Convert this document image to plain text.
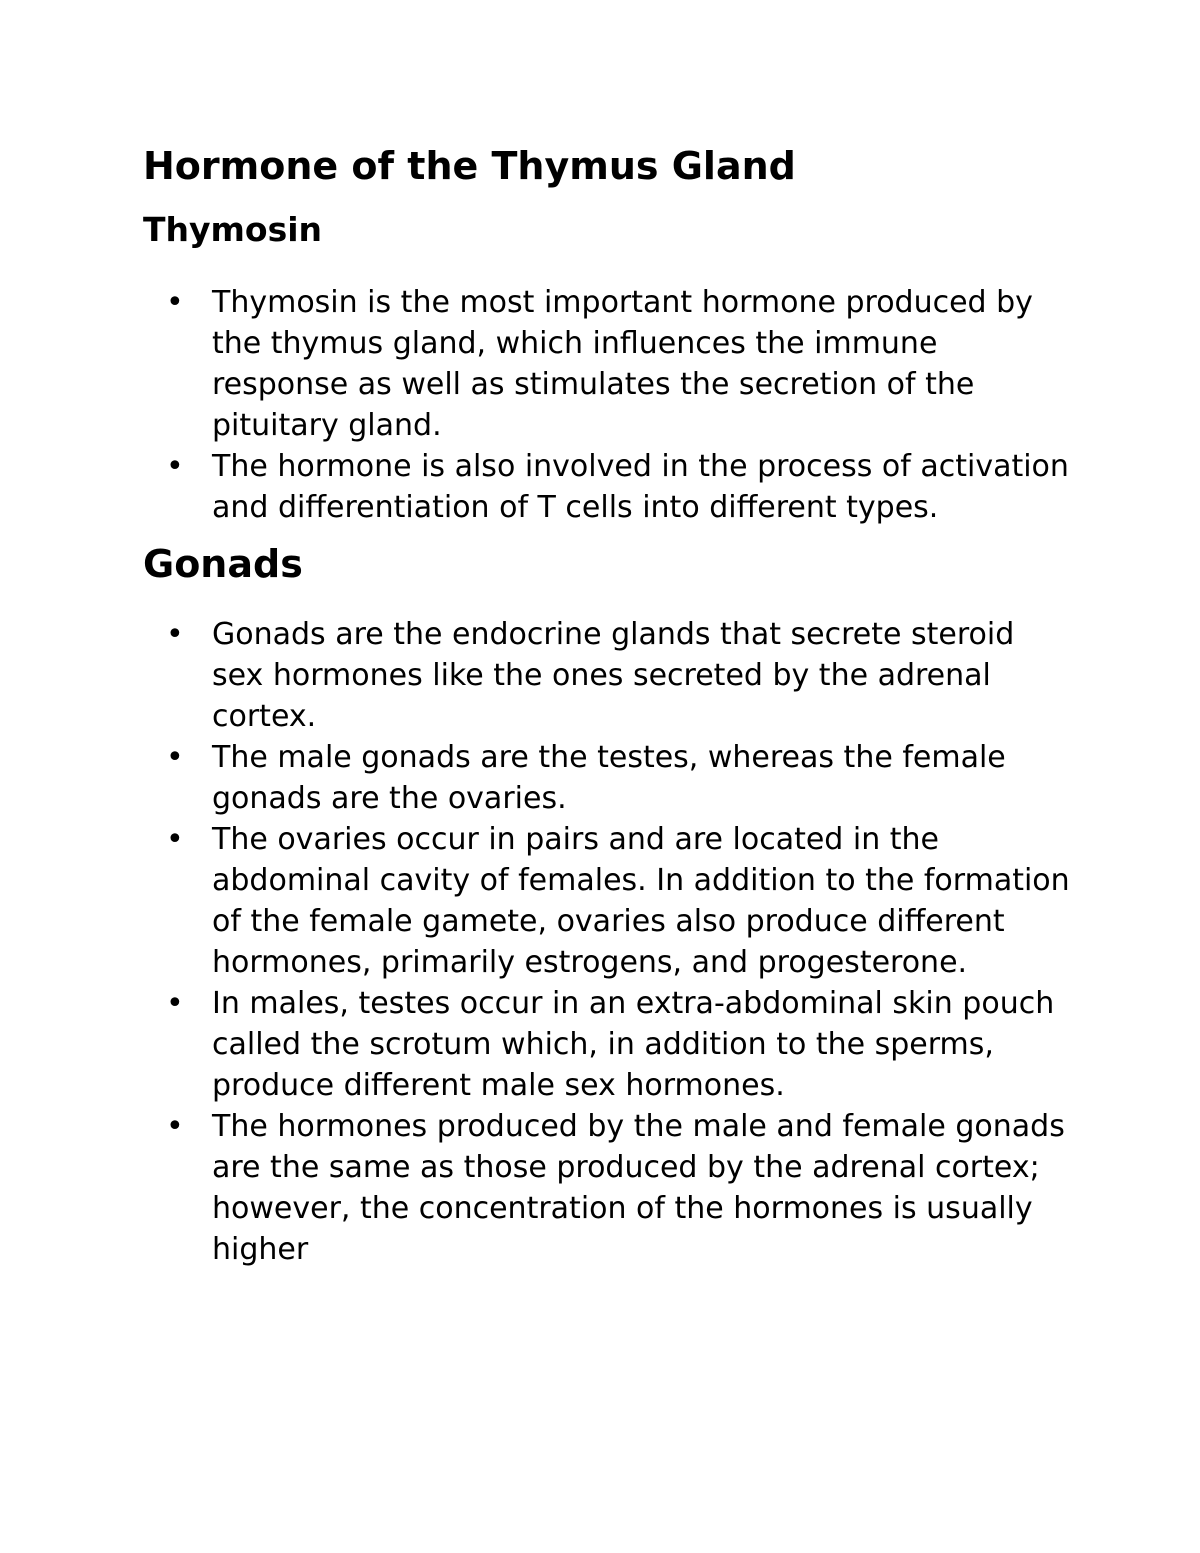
Hormone of the Thymus Gland
Thymosin
• Thymosin is the most important hormone produced by the thymus gland, which influences the immune response as well as stimulates the secretion of the pituitary gland.
• The hormone is also involved in the process of activation and differentiation of T cells into different types.
Gonads
• Gonads are the endocrine glands that secrete steroid sex hormones like the ones secreted by the adrenal cortex.
• The male gonads are the testes, whereas the female gonads are the ovaries.
• The ovaries occur in pairs and are located in the abdominal cavity of females. In addition to the formation of the female gamete, ovaries also produce different hormones, primarily estrogens, and progesterone.
• In males, testes occur in an extra-abdominal skin pouch called the scrotum which, in addition to the sperms, produce different male sex hormones.
• The hormones produced by the male and female gonads are the same as those produced by the adrenal cortex; however, the concentration of the hormones is usually higher
